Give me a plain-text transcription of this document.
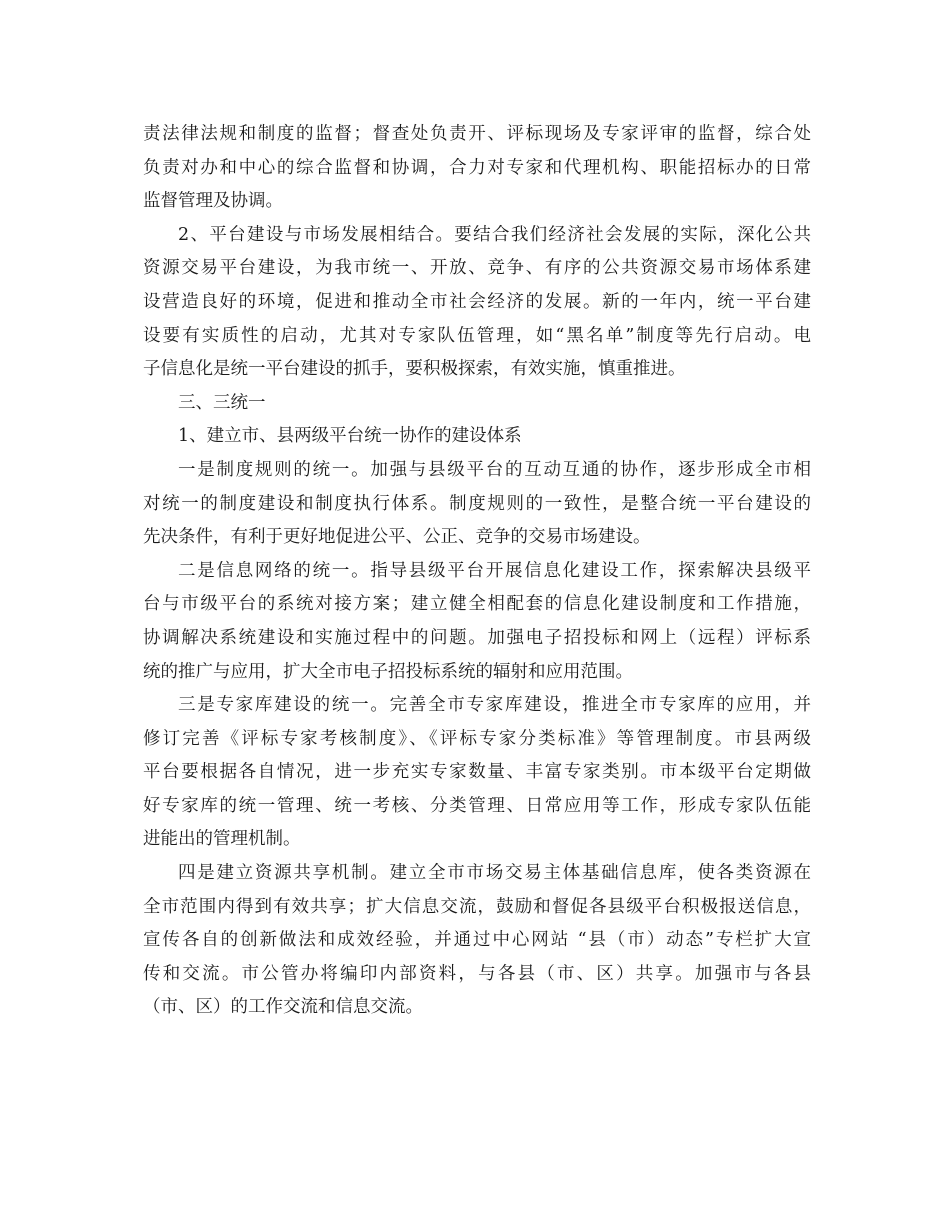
责法律法规和制度的监督；督查处负责开、评标现场及专家评审的监督，综合处
负责对办和中心的综合监督和协调，合力对专家和代理机构、职能招标办的日常
监督管理及协调。
2、平台建设与市场发展相结合。要结合我们经济社会发展的实际，深化公共
资源交易平台建设，为我市统一、开放、竞争、有序的公共资源交易市场体系建
设营造良好的环境，促进和推动全市社会经济的发展。新的一年内，统一平台建
设要有实质性的启动，尤其对专家队伍管理，如“黑名单”制度等先行启动。电
子信息化是统一平台建设的抓手，要积极探索，有效实施，慎重推进。
三、三统一
1、建立市、县两级平台统一协作的建设体系
一是制度规则的统一。加强与县级平台的互动互通的协作，逐步形成全市相
对统一的制度建设和制度执行体系。制度规则的一致性，是整合统一平台建设的
先决条件，有利于更好地促进公平、公正、竞争的交易市场建设。
二是信息网络的统一。指导县级平台开展信息化建设工作，探索解决县级平
台与市级平台的系统对接方案；建立健全相配套的信息化建设制度和工作措施，
协调解决系统建设和实施过程中的问题。加强电子招投标和网上（远程）评标系
统的推广与应用，扩大全市电子招投标系统的辐射和应用范围。
三是专家库建设的统一。完善全市专家库建设，推进全市专家库的应用，并
修订完善《评标专家考核制度》、《评标专家分类标准》等管理制度。市县两级
平台要根据各自情况，进一步充实专家数量、丰富专家类别。市本级平台定期做
好专家库的统一管理、统一考核、分类管理、日常应用等工作，形成专家队伍能
进能出的管理机制。
四是建立资源共享机制。建立全市市场交易主体基础信息库，使各类资源在
全市范围内得到有效共享；扩大信息交流，鼓励和督促各县级平台积极报送信息，
宣传各自的创新做法和成效经验，并通过中心网站 “县（市）动态”专栏扩大宣
传和交流。市公管办将编印内部资料，与各县（市、区）共享。加强市与各县
（市、区）的工作交流和信息交流。
